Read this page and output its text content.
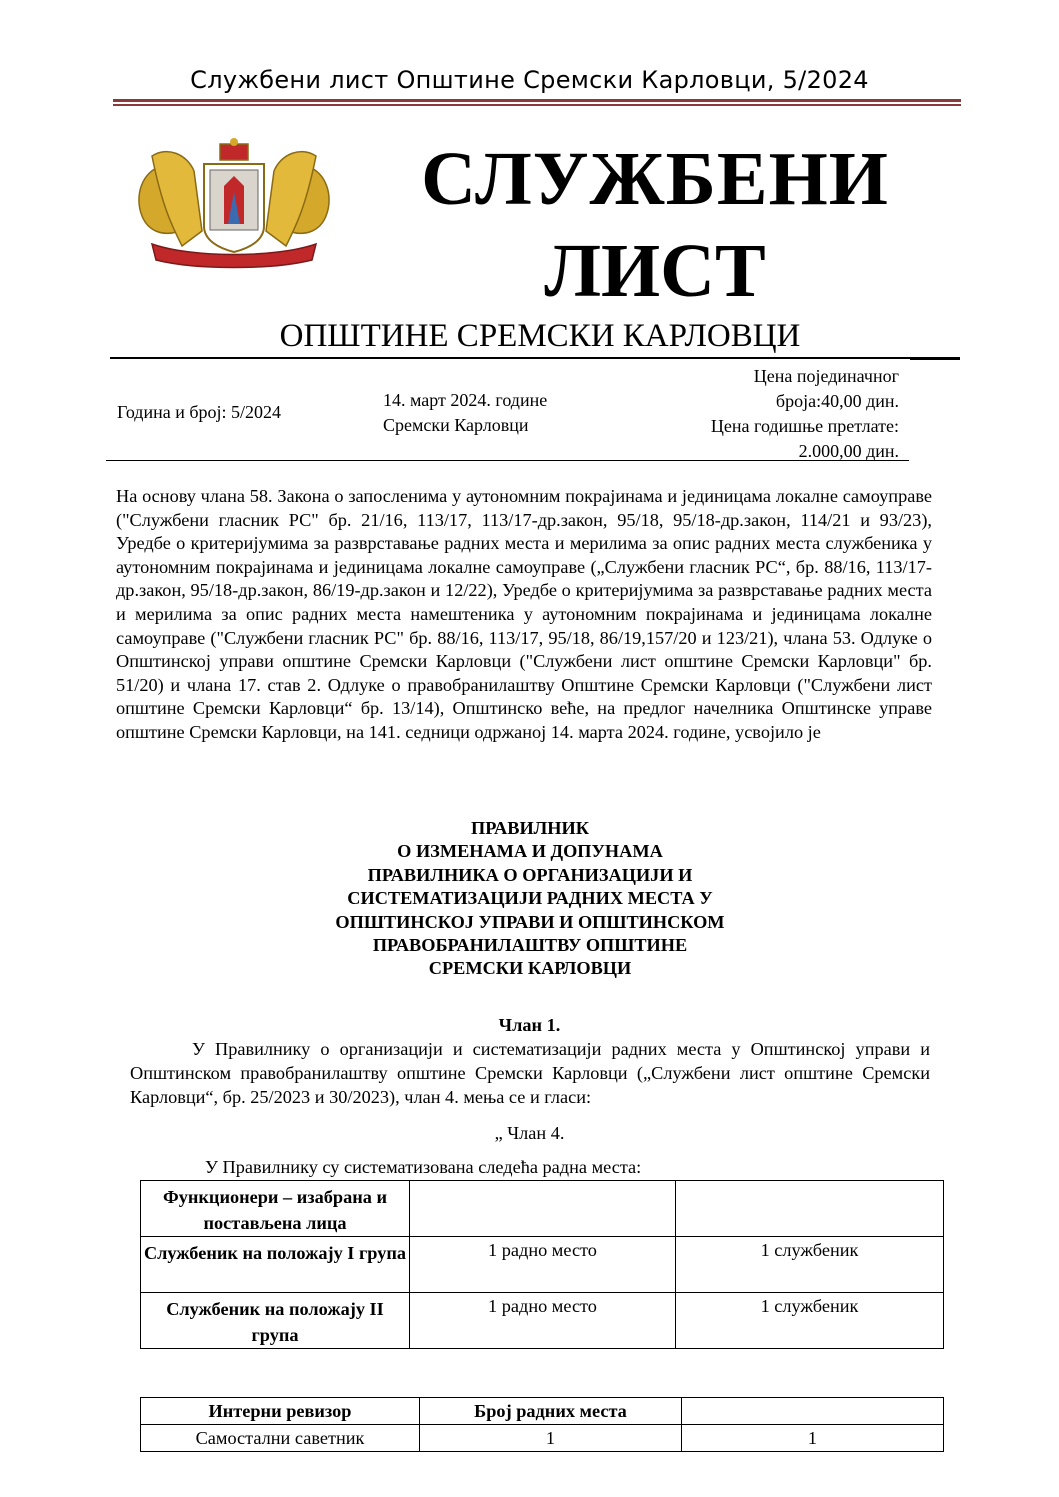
Службени лист Општине Сремски Карловци, 5/2024
СЛУЖБЕНИ
ЛИСТ
ОПШТИНЕ СРЕМСКИ КАРЛОВЦИ
Година и број: 5/2024
14. март 2024. године
Сремски Карловци
Цена појединачног
броја:40,00 дин.
Цена годишње претлате:
2.000,00 дин.

На основу члана 58. Закона о запосленима у аутономним покрајинама и јединицама локалне самоуправе ("Службени гласник РС" бр. 21/16, 113/17, 113/17-др.закон, 95/18, 95/18-др.закон, 114/21 и 93/23), Уредбе о критеријумима за разврставање радних места и мерилима за опис радних места службеника у аутономним покрајинама и јединицама локалне самоуправе („Службени гласник РС“, бр. 88/16, 113/17-др.закон, 95/18-др.закон, 86/19-др.закон и 12/22), Уредбе о критеријумима за разврставање радних места и мерилима за опис радних места намештеника у аутономним покрајинама и јединицама локалне самоуправе ("Службени гласник РС" бр. 88/16, 113/17, 95/18, 86/19,157/20 и 123/21), члана 53. Одлуке о Општинској управи општине Сремски Карловци ("Службени лист општине Сремски Карловци" бр. 51/20) и члана 17. став 2. Одлуке о правобранилаштву Општине Сремски Карловци ("Службени лист општине Сремски Карловци“ бр. 13/14), Општинско веће, на предлог начелника Општинске управе општине Сремски Карловци, на 141. седници одржаној 14. марта 2024. године, усвојило је

ПРАВИЛНИК
О ИЗМЕНАМА И ДОПУНАМА
ПРАВИЛНИКА О ОРГАНИЗАЦИЈИ И
СИСТЕМАТИЗАЦИЈИ РАДНИХ МЕСТА У
ОПШТИНСКОЈ УПРАВИ И ОПШТИНСКОМ
ПРАВОБРАНИЛАШТВУ ОПШТИНЕ
СРЕМСКИ КАРЛОВЦИ
Члан 1.
У Правилнику о организацији и систематизацији радних места у Општинској управи и Општинском правобранилаштву општине Сремски Карловци („Службени лист општине Сремски Карловци“, бр. 25/2023 и 30/2023), члан 4. мења се и гласи:
„ Члан 4.
У Правилнику су систематизована следећа радна места:
Функционери – изабрана и постављена лица		
Службеник на положају I група	1 радно место	1 службеник
Службеник на положају II група	1 радно место	1 службеник
Интерни ревизор	Број радних места	
Самостални саветник	1	1
